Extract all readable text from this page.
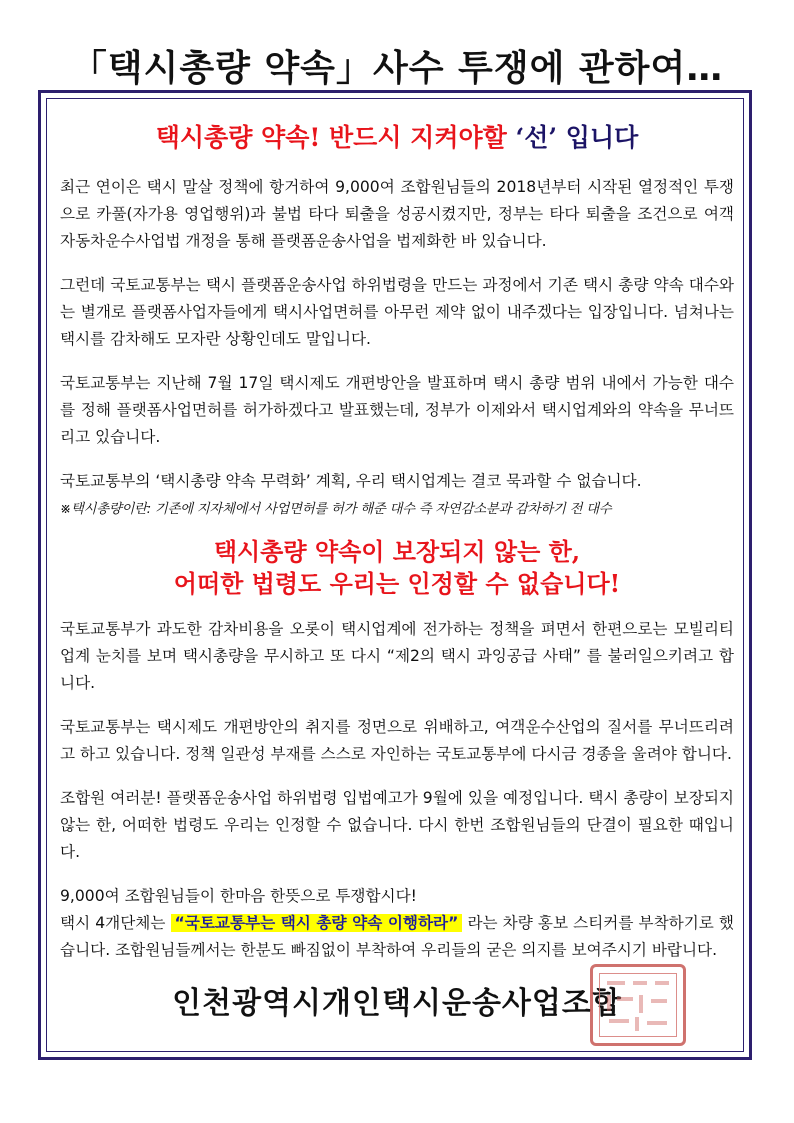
「택시총량 약속」사수 투쟁에 관하여…
택시총량 약속! 반드시 지켜야할 ‘선’ 입니다

최근 연이은 택시 말살 정책에 항거하여 9,000여 조합원님들의 2018년부터 시작된 열정적인 투쟁으로 카풀(자가용 영업행위)과 불법 타다 퇴출을 성공시켰지만, 정부는 타다 퇴출을 조건으로 여객자동차운수사업법 개정을 통해 플랫폼운송사업을 법제화한 바 있습니다.

그런데 국토교통부는 택시 플랫폼운송사업 하위법령을 만드는 과정에서 기존 택시 총량 약속 대수와는 별개로 플랫폼사업자들에게 택시사업면허를 아무런 제약 없이 내주겠다는 입장입니다. 넘쳐나는 택시를 감차해도 모자란 상황인데도 말입니다.

국토교통부는 지난해 7월 17일 택시제도 개편방안을 발표하며 택시 총량 범위 내에서 가능한 대수를 정해 플랫폼사업면허를 허가하겠다고 발표했는데, 정부가 이제와서 택시업계와의 약속을 무너뜨리고 있습니다.

국토교통부의 ‘택시총량 약속 무력화’ 계획, 우리 택시업계는 결코 묵과할 수 없습니다.

※택시총량이란: 기존에 지자체에서 사업면허를 허가 해준 대수 즉 자연감소분과 감차하기 전 대수
택시총량 약속이 보장되지 않는 한,
어떠한 법령도 우리는 인정할 수 없습니다!

국토교통부가 과도한 감차비용을 오롯이 택시업계에 전가하는 정책을 펴면서 한편으로는 모빌리티업계 눈치를 보며 택시총량을 무시하고 또 다시 “제2의 택시 과잉공급 사태” 를 불러일으키려고 합니다.

국토교통부는 택시제도 개편방안의 취지를 정면으로 위배하고, 여객운수산업의 질서를 무너뜨리려고 하고 있습니다. 정책 일관성 부재를 스스로 자인하는 국토교통부에 다시금 경종을 울려야 합니다.

조합원 여러분! 플랫폼운송사업 하위법령 입법예고가 9월에 있을 예정입니다. 택시 총량이 보장되지 않는 한, 어떠한 법령도 우리는 인정할 수 없습니다. 다시 한번 조합원님들의 단결이 필요한 때입니다.

9,000여 조합원님들이 한마음 한뜻으로 투쟁합시다!
택시 4개단체는 “국토교통부는 택시 총량 약속 이행하라” 라는 차량 홍보 스티커를 부착하기로 했습니다. 조합원님들께서는 한분도 빠짐없이 부착하여 우리들의 굳은 의지를 보여주시기 바랍니다.

인천광역시개인택시운송사업조합
